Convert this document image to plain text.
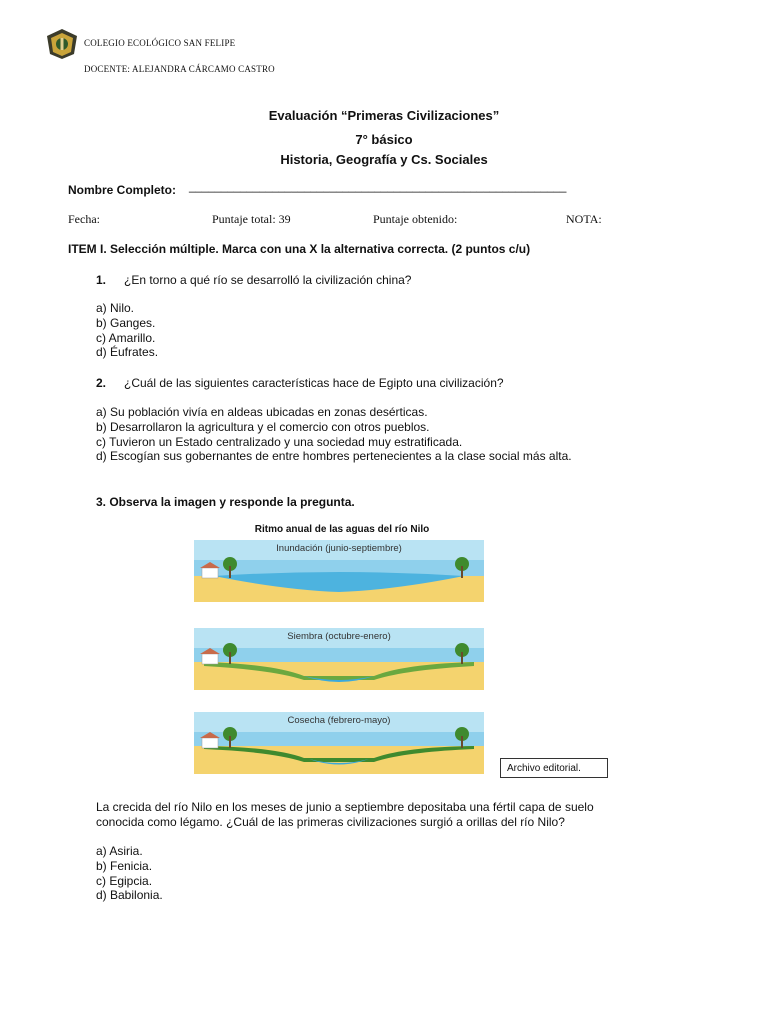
COLEGIO ECOLÓGICO SAN FELIPE
DOCENTE: ALEJANDRA CÁRCAMO CASTRO
Evaluación “Primeras Civilizaciones”
7° básico
Historia, Geografía y Cs. Sociales
Nombre Completo: ___________________________________________________________
Fecha:	Puntaje total: 39	Puntaje obtenido:	NOTA:
ITEM I. Selección múltiple. Marca con una X la alternativa correcta. (2 puntos c/u)
1. ¿En torno a qué río se desarrolló la civilización china?
a) Nilo.
b) Ganges.
c) Amarillo.
d) Éufrates.
2. ¿Cuál de las siguientes características hace de Egipto una civilización?
a) Su población vivía en aldeas ubicadas en zonas desérticas.
b) Desarrollaron la agricultura y el comercio con otros pueblos.
c) Tuvieron un Estado centralizado y una sociedad muy estratificada.
d) Escogían sus gobernantes de entre hombres pertenecientes a la clase social más alta.
3. Observa la imagen y responde la pregunta.
Ritmo anual de las aguas del río Nilo
Inundación (junio-septiembre)
Siembra (octubre-enero)
Cosecha (febrero-mayo)
Archivo editorial.
La crecida del río Nilo en los meses de junio a septiembre depositaba una fértil capa de suelo
conocida como légamo. ¿Cuál de las primeras civilizaciones surgió a orillas del río Nilo?
a) Asiria.
b) Fenicia.
c) Egipcia.
d) Babilonia.
